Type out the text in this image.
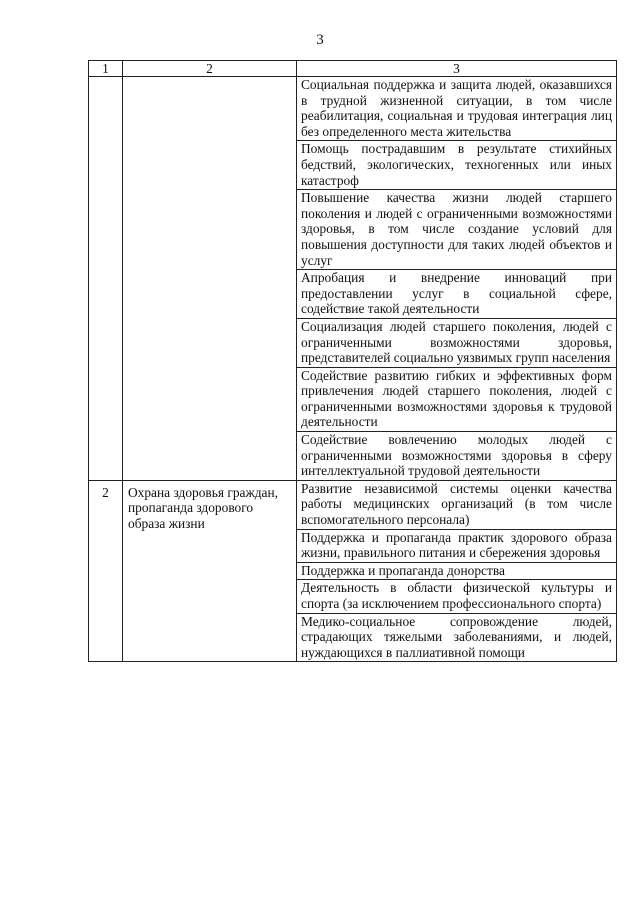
3
1	2	3
		Социальная поддержка и защита людей, оказавшихся в трудной жизненной ситуации, в том числе реабилитация, социальная и трудовая интеграция лиц без определенного места жительства
		Помощь пострадавшим в результате стихийных бедствий, экологических, техногенных или иных катастроф
		Повышение качества жизни людей старшего поколения и людей с ограниченными возможностями здоровья, в том числе создание условий для повышения доступности для таких людей объектов и услуг
		Апробация и внедрение инноваций при предоставлении услуг в социальной сфере, содействие такой деятельности
		Социализация людей старшего поколения, людей с ограниченными возможностями здоровья, представителей социально уязвимых групп населения
		Содействие развитию гибких и эффективных форм привлечения людей старшего поколения, людей с ограниченными возможностями здоровья к трудовой деятельности
		Содействие вовлечению молодых людей с ограниченными возможностями здоровья в сферу интеллектуальной трудовой деятельности
2	Охрана здоровья граждан, пропаганда здорового образа жизни	Развитие независимой системы оценки качества работы медицинских организаций (в том числе вспомогательного персонала)
		Поддержка и пропаганда практик здорового образа жизни, правильного питания и сбережения здоровья
		Поддержка и пропаганда донорства
		Деятельность в области физической культуры и спорта (за исключением профессионального спорта)
		Медико-социальное сопровождение людей, страдающих тяжелыми заболеваниями, и людей, нуждающихся в паллиативной помощи
